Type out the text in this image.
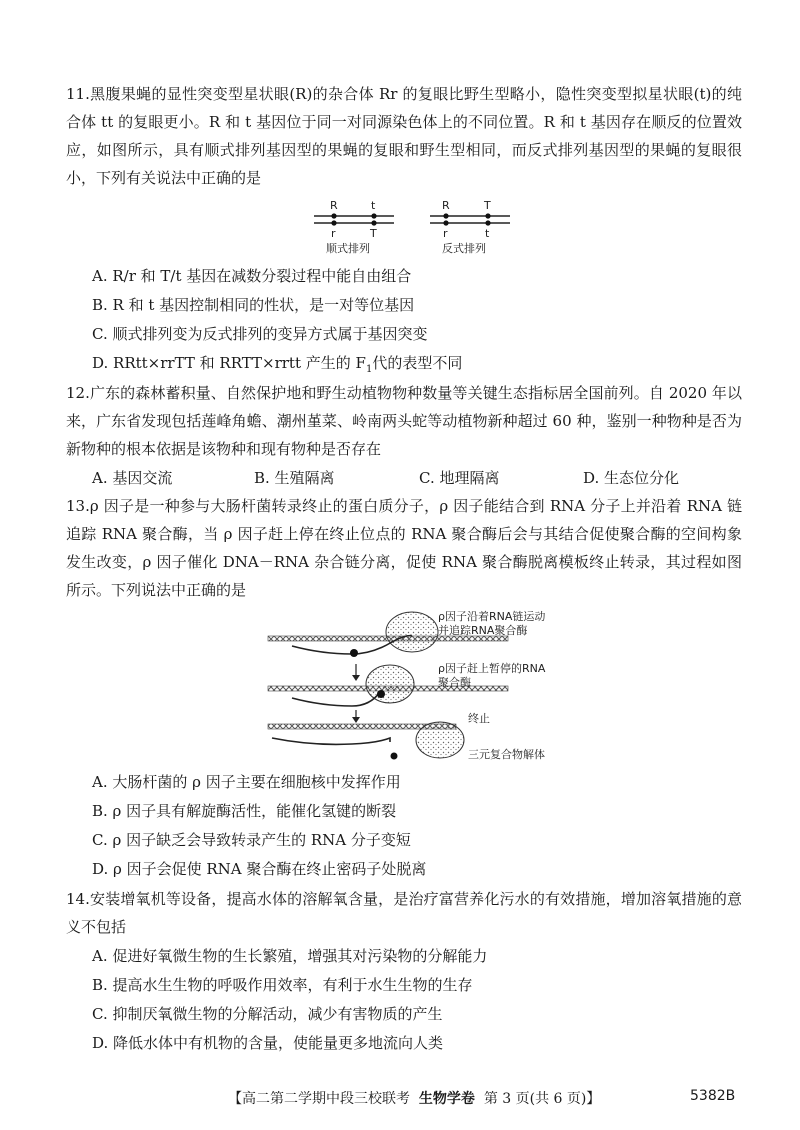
11.黑腹果蝇的显性突变型星状眼(R)的杂合体 Rr 的复眼比野生型略小，隐性突变型拟星状眼(t)的纯合体 tt 的复眼更小。R 和 t 基因位于同一对同源染色体上的不同位置。R 和 t 基因存在顺反的位置效应，如图所示，具有顺式排列基因型的果蝇的复眼和野生型相同，而反式排列基因型的果蝇的复眼很小，下列有关说法中正确的是
R	t
r	T
顺式排列
R	T
r	t
反式排列
A. R/r 和 T/t 基因在减数分裂过程中能自由组合
B. R 和 t 基因控制相同的性状，是一对等位基因
C. 顺式排列变为反式排列的变异方式属于基因突变
D. RRtt×rrTT 和 RRTT×rrtt 产生的 $F_1$代的表型不同
12.广东的森林蓄积量、自然保护地和野生动植物物种数量等关键生态指标居全国前列。自 2020 年以来，广东省发现包括莲峰角蟾、潮州堇菜、岭南两头蛇等动植物新种超过 60 种，鉴别一种物种是否为新物种的根本依据是该物种和现有物种是否存在
A. 基因交流	B. 生殖隔离	C. 地理隔离	D. 生态位分化
13.ρ 因子是一种参与大肠杆菌转录终止的蛋白质分子，ρ 因子能结合到 RNA 分子上并沿着 RNA 链追踪 RNA 聚合酶，当 ρ 因子赶上停在终止位点的 RNA 聚合酶后会与其结合促使聚合酶的空间构象发生改变，ρ 因子催化 DNA－RNA 杂合链分离，促使 RNA 聚合酶脱离模板终止转录，其过程如图所示。下列说法中正确的是
ρ因子沿着RNA链运动
并追踪RNA聚合酶
ρ因子赶上暂停的RNA
聚合酶
终止
三元复合物解体
A. 大肠杆菌的 ρ 因子主要在细胞核中发挥作用
B. ρ 因子具有解旋酶活性，能催化氢键的断裂
C. ρ 因子缺乏会导致转录产生的 RNA 分子变短
D. ρ 因子会促使 RNA 聚合酶在终止密码子处脱离
14.安装增氧机等设备，提高水体的溶解氧含量，是治疗富营养化污水的有效措施，增加溶氧措施的意义不包括
A. 促进好氧微生物的生长繁殖，增强其对污染物的分解能力
B. 提高水生生物的呼吸作用效率，有利于水生生物的生存
C. 抑制厌氧微生物的分解活动，减少有害物质的产生
D. 降低水体中有机物的含量，使能量更多地流向人类
【高二第二学期中段三校联考 生物学卷 第 3 页(共 6 页)】	5382B
